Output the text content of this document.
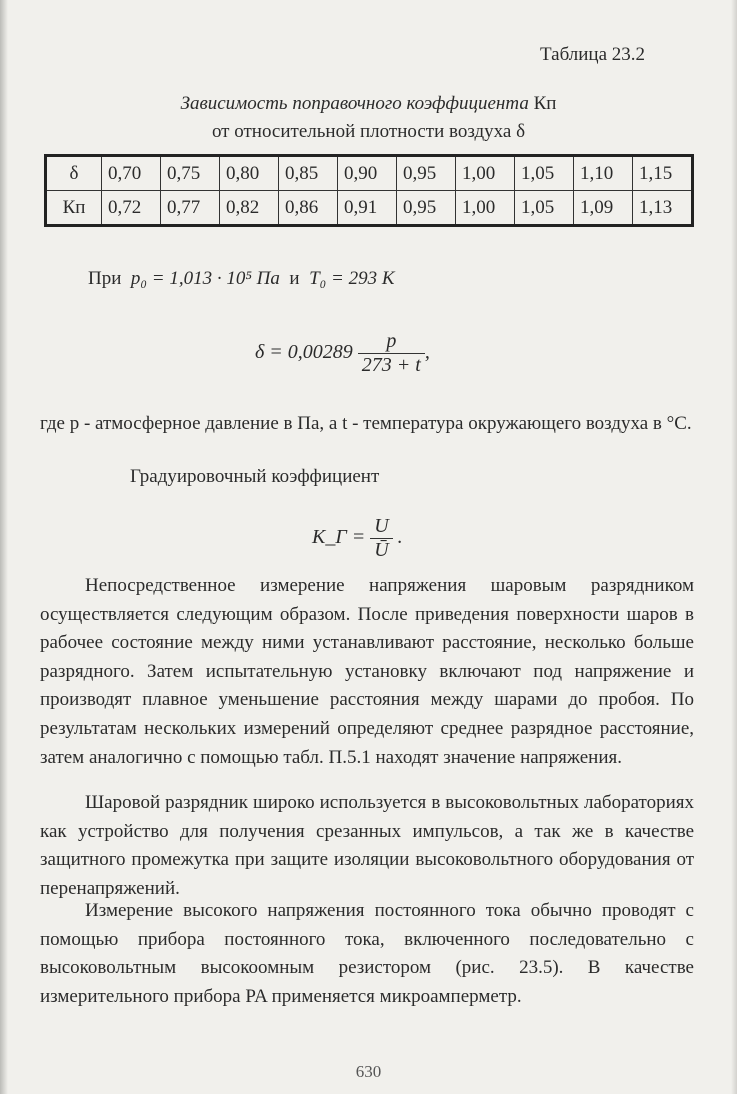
Таблица 23.2
Зависимость поправочного коэффициента Кп
от относительной плотности воздуха δ
δ	0,70	0,75	0,80	0,85	0,90	0,95	1,00	1,05	1,10	1,15
Кп	0,72	0,77	0,82	0,86	0,91	0,95	1,00	1,05	1,09	1,13
При p₀ = 1,013 · 10⁵ Па и Т₀ = 293 К
$\delta = 0,00289 \frac{p}{273 + t}$ ,
где p - атмосферное давление в Па, а t - температура окружающего воздуха в °С.
Градуировочный коэффициент
K_Г = $\frac{U}{Ū}$ .
Непосредственное измерение напряжения шаровым разрядником осуществляется следующим образом. После приведения поверхности шаров в рабочее состояние между ними устанавливают расстояние, несколько больше разрядного. Затем испытательную установку включают под напряжение и производят плавное уменьшение расстояния между шарами до пробоя. По результатам нескольких измерений определяют среднее разрядное расстояние, затем аналогично с помощью табл. П.5.1 находят значение напряжения.
Шаровой разрядник широко используется в высоковольтных лабораториях как устройство для получения срезанных импульсов, а так же в качестве защитного промежутка при защите изоляции высоковольтного оборудования от перенапряжений.
Измерение высокого напряжения постоянного тока обычно проводят с помощью прибора постоянного тока, включенного последовательно с высоковольтным высокоомным резистором (рис. 23.5). В качестве измерительного прибора PA применяется микроамперметр.
630
